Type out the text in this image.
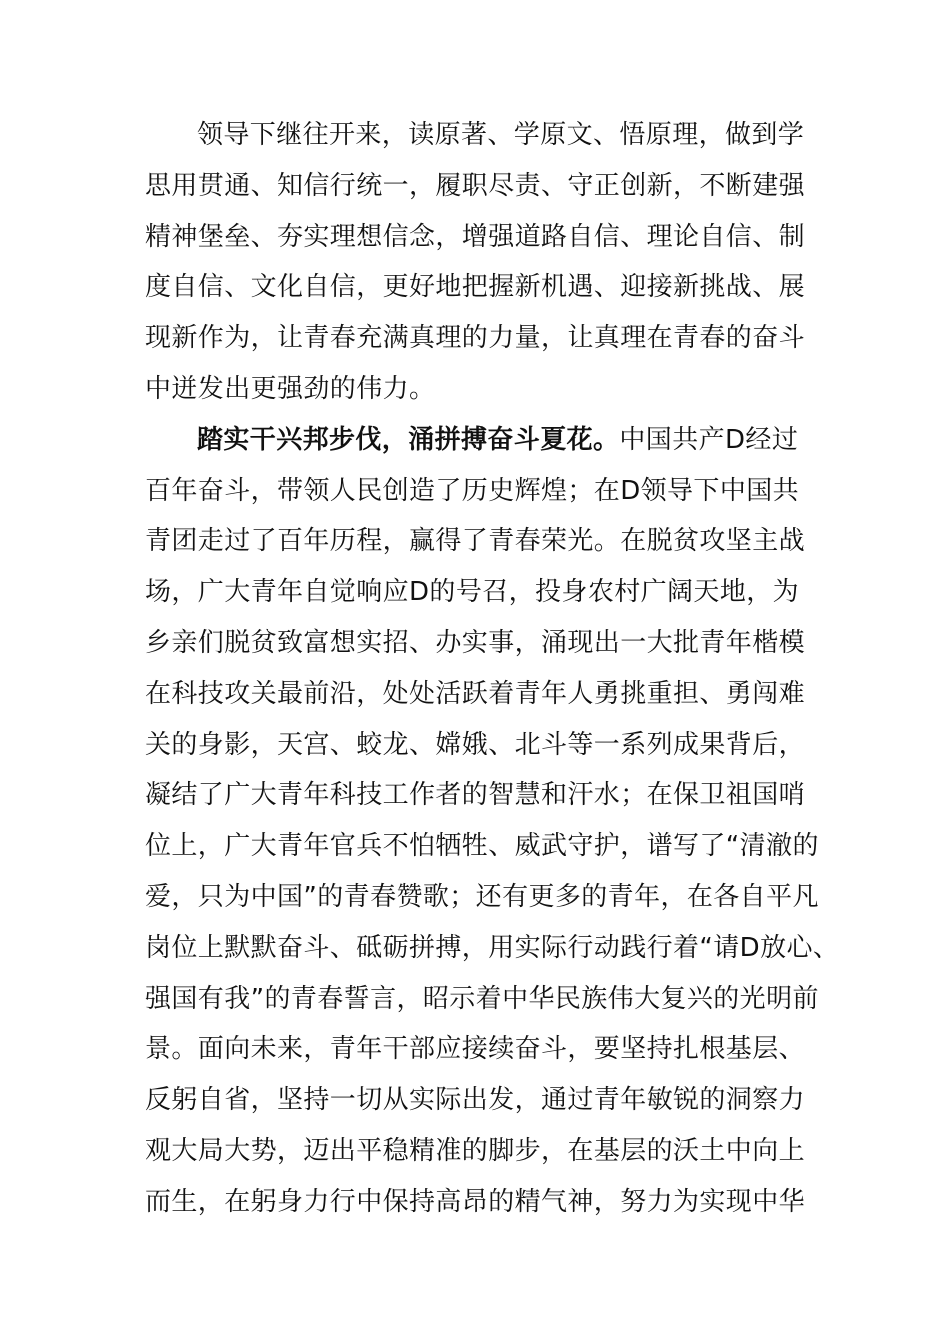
领导下继往开来，读原著、学原文、悟原理，做到学
思用贯通、知信行统一，履职尽责、守正创新，不断建强
精神堡垒、夯实理想信念，增强道路自信、理论自信、制
度自信、文化自信，更好地把握新机遇、迎接新挑战、展
现新作为，让青春充满真理的力量，让真理在青春的奋斗
中迸发出更强劲的伟力。
踏实干兴邦步伐，涌拼搏奋斗夏花。中国共产D经过
百年奋斗，带领人民创造了历史辉煌；在D领导下中国共
青团走过了百年历程，赢得了青春荣光。在脱贫攻坚主战
场，广大青年自觉响应D的号召，投身农村广阔天地，为
乡亲们脱贫致富想实招、办实事，涌现出一大批青年楷模
在科技攻关最前沿，处处活跃着青年人勇挑重担、勇闯难
关的身影，天宫、蛟龙、嫦娥、北斗等一系列成果背后，
凝结了广大青年科技工作者的智慧和汗水；在保卫祖国哨
位上，广大青年官兵不怕牺牲、威武守护，谱写了“清澈的
爱，只为中国”的青春赞歌；还有更多的青年，在各自平凡
岗位上默默奋斗、砥砺拼搏，用实际行动践行着“请D放心、
强国有我”的青春誓言，昭示着中华民族伟大复兴的光明前
景。面向未来，青年干部应接续奋斗，要坚持扎根基层、
反躬自省，坚持一切从实际出发，通过青年敏锐的洞察力
观大局大势，迈出平稳精准的脚步，在基层的沃土中向上
而生，在躬身力行中保持高昂的精气神，努力为实现中华
